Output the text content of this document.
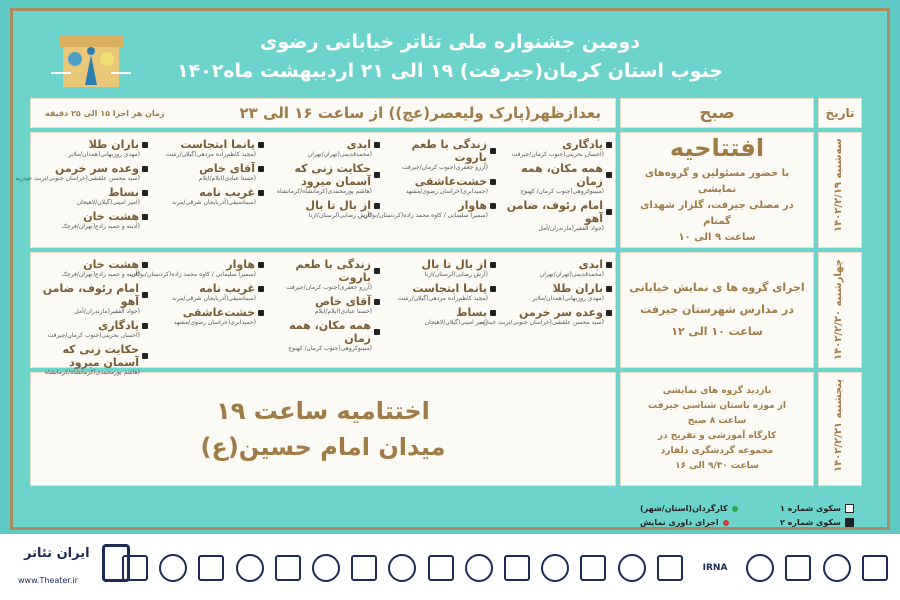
دومین جشنواره ملی تئاتر خیابانی رضوی
جنوب استان کرمان(جیرفت) ۱۹ الی ۲۱ اردیبهشت ماه۱۴۰۲
تاریخ
صبح
بعدازظهر(پارک ولیعصر(عج)) از ساعت ۱۶ الی ۲۳
زمان هر اجرا ۱۵ الی ۲۵ دقیقه
سه‌شنبه ۱۴۰۲/۲/۱۹
افتتاحیه
با حضور مسئولین و گروه‌های نمایشی
در مصلی جیرفت، گلزار شهدای گمنام
ساعت ۹ الی ۱۰
چهارشنبه ۱۴۰۲/۲/۲۰
اجرای گروه ها ی نمایش خیابانی
در مدارس شهرستان جیرفت
ساعت ۱۰ الی ۱۲
پنجشنبه ۱۴۰۲/۲/۲۱
بازدید گروه های نمایشی
از موزه باستان شناسی جیرفت
ساعت ۸ صبح
کارگاه آموزشی و تفریح در
مجموعه گردشگری دلفارد
ساعت ۹/۳۰ الی ۱۶
اختتامیه ساعت ۱۹
میدان امام حسین(ع)
یادگاری
(احسان بحرینی(جنوب کرمان/جیرفت
همه مکان، همه زمان
(مبینوکروهی(جنوب کرمان/ کهنوج
امام رئوف، ضامن آهو
(جواد آلفقیر(مازندران/آمل
زندگی با طعم باروت
(آرزو جعفری(جنوب کرمان/جیرفت
خشت‌عاشقی
(حمیدابری(خراسان رضوی/مشهد
هاوار
(سمیرا سلیمانی / کاوه محمد زاده(کردستان/بوکان
ابدی
(محمدقدیمی(تهران/تهران
حکایت زنی که آسمان میرود
(هاشم پورمحمدی(کرمانشاه/کرمانشاه
از بال تا بال
(آرش رضایی(لرستان/ازنا
یانما ایتجاست
(مجید کاظم‌زاده مزدهی(گیلان/رشت
آقای خاص
(حسنا عبادی(ایلام/ایلام
غریب نامه
(سیناسیفی(آذربایجان شرقی/مرند
باران طلا
(مهدی روزبهانی(همدان/ملایر
وعده سر خرمن
(سید محسن علقشی(خراسان جنوبی/تربت حیدریه
بساط
(امیر امینی(گیلان/لاهیجان
هشت خان
(آدینه و حمید زادع(تهران/فرچک
ابدی
(محمدقدیمی(تهران/تهران
باران طلا
(مهدی روزبهانی(همدان/ملایر
وعده سر خرمن
(سید محسن علقشی(خراسان جنوبی/تربت حیدریه
از بال تا بال
(آرش رضایی(لرستان/ازنا
یانما ایتجاست
(مجید کاظم‌زاده مزدهی(گیلان/رشت
بساط
(امیر امینی(گیلان/لاهیجان
زندگی با طعم باروت
(آرزو جعفری(جنوب کرمان/جیرفت
آقای خاص
(حسنا عبادی(ایلام/ایلام
همه مکان، همه زمان
(مبینوکروهی(جنوب کرمان/ کهنوج
هاوار
(سمیرا سلیمانی / کاوه محمد زاده(کردستان/بوکان
غریب نامه
(سیناسیفی(آذربایجان شرقی/مرند
خشت‌عاشقی
(حمیدابری(خراسان رضوی/مشهد
هشت خان
(آدینه و حمید زادع(تهران/فرچک
امام رئوف، ضامن آهو
(جواد آلفقیر(مازندران/آمل
یادگاری
(احسان بحرینی(جنوب کرمان/جیرفت
حکایت زنی که آسمان میرود
(هاشم پورمحمدی(کرمانشاه/کرمانشاه
سکوی شماره ۱
سکوی شماره ۲
کارگردان(استان/شهر)
اجرای داوری نمایش
ایران تئاتر
www.Theater.ir
IRNA
